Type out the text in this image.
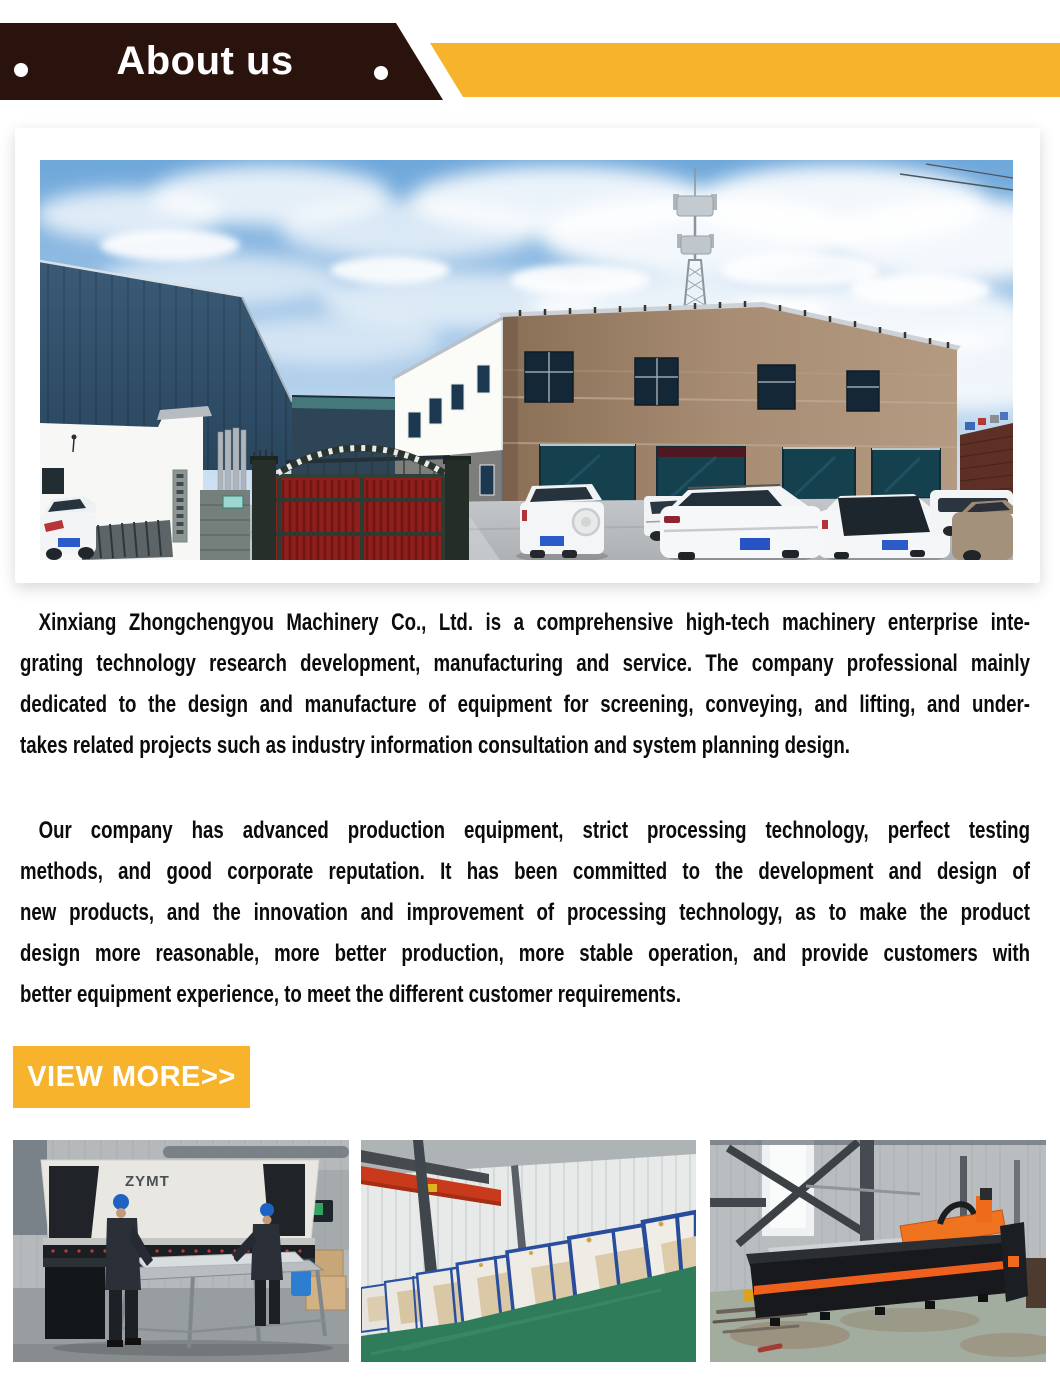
About us
Xinxiang Zhongchengyou Machinery Co., Ltd. is a comprehensive high-tech machinery enterprise inte-
grating technology research development, manufacturing and service. The company professional mainly
dedicated to the design and manufacture of equipment for screening, conveying, and lifting, and under-
takes related projects such as industry information consultation and system planning design.
Our company has advanced production equipment, strict processing technology, perfect testing
methods, and good corporate reputation. It has been committed to the development and design of
new products, and the innovation and improvement of processing technology, as to make the product
design more reasonable, more better production, more stable operation, and provide customers with
better equipment experience, to meet the different customer requirements.
VIEW MORE>>
ZYMT
